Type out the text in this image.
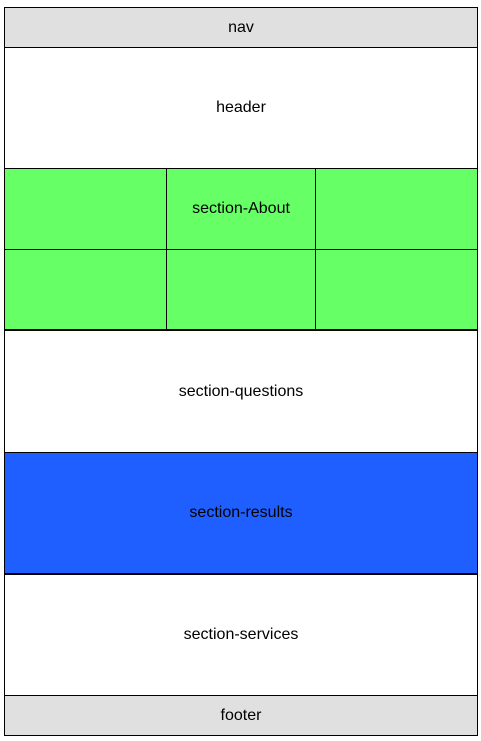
nav
header
section-About
section-questions
section-results
section-services
footer
